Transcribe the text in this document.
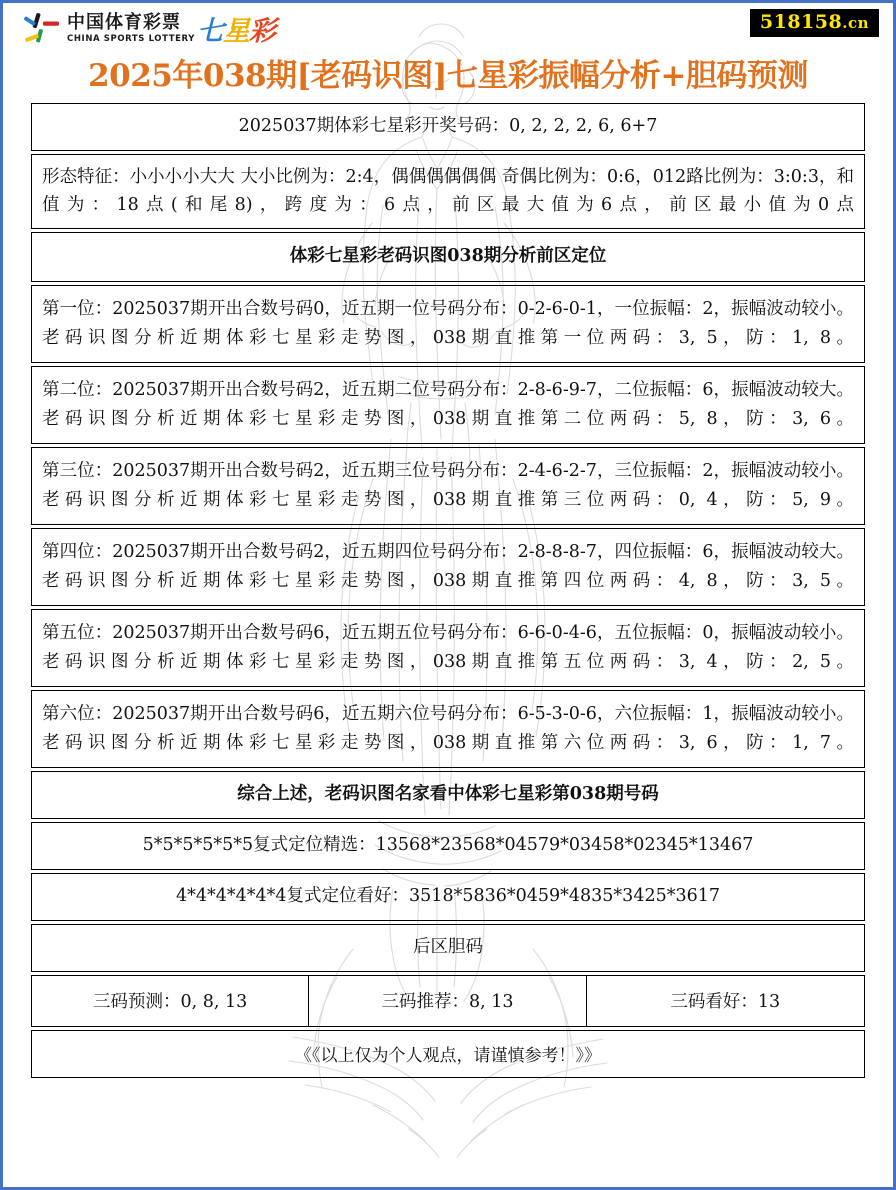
中国体育彩票
CHINA SPORTS LOTTERY 七星彩	518158.cn
2025年038期[老码识图]七星彩振幅分析+胆码预测
2025037期体彩七星彩开奖号码：0, 2, 2, 2, 6, 6+7
形态特征：小小小小大大 大小比例为：2:4，偶偶偶偶偶偶 奇偶比例为：0:6，012路比例为：3:0:3，和值为：18点(和尾8)，跨度为：6点，前区最大值为6点，前区最小值为0点
体彩七星彩老码识图038期分析前区定位
第一位：2025037期开出合数号码0，近五期一位号码分布：0-2-6-0-1，一位振幅：2，振幅波动较小。老码识图分析近期体彩七星彩走势图，038期直推第一位两码：3, 5，防：1, 8。
第二位：2025037期开出合数号码2，近五期二位号码分布：2-8-6-9-7，二位振幅：6，振幅波动较大。老码识图分析近期体彩七星彩走势图，038期直推第二位两码：5, 8，防：3, 6。
第三位：2025037期开出合数号码2，近五期三位号码分布：2-4-6-2-7，三位振幅：2，振幅波动较小。老码识图分析近期体彩七星彩走势图，038期直推第三位两码：0, 4，防：5, 9。
第四位：2025037期开出合数号码2，近五期四位号码分布：2-8-8-8-7，四位振幅：6，振幅波动较大。老码识图分析近期体彩七星彩走势图，038期直推第四位两码：4, 8，防：3, 5。
第五位：2025037期开出合数号码6，近五期五位号码分布：6-6-0-4-6，五位振幅：0，振幅波动较小。老码识图分析近期体彩七星彩走势图，038期直推第五位两码：3, 4，防：2, 5。
第六位：2025037期开出合数号码6，近五期六位号码分布：6-5-3-0-6，六位振幅：1，振幅波动较小。老码识图分析近期体彩七星彩走势图，038期直推第六位两码：3, 6，防：1, 7。
综合上述，老码识图名家看中体彩七星彩第038期号码
5*5*5*5*5*5复式定位精选：13568*23568*04579*03458*02345*13467
4*4*4*4*4*4复式定位看好：3518*5836*0459*4835*3425*3617
后区胆码
三码预测：0, 8, 13	三码推荐：8, 13	三码看好：13
《《以上仅为个人观点，请谨慎参考！》》
